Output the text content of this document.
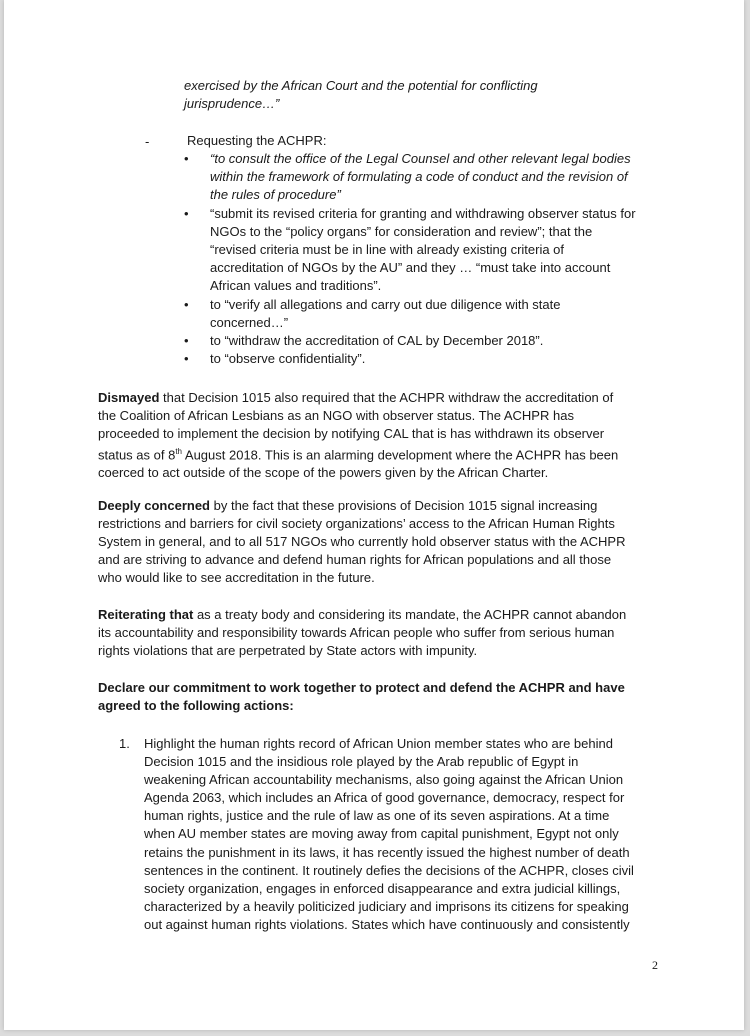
exercised by the African Court and the potential for conflicting
jurisprudence…”
-	Requesting the ACHPR:
• “to consult the office of the Legal Counsel and other relevant legal bodies
within the framework of formulating a code of conduct and the revision of
the rules of procedure”
• “submit its revised criteria for granting and withdrawing observer status for
NGOs to the “policy organs” for consideration and review”; that the
“revised criteria must be in line with already existing criteria of
accreditation of NGOs by the AU” and they … “must take into account
African values and traditions”.
• to “verify all allegations and carry out due diligence with state
concerned…”
• to “withdraw the accreditation of CAL by December 2018”.
• to “observe confidentiality”.
Dismayed that Decision 1015 also required that the ACHPR withdraw the accreditation of
the Coalition of African Lesbians as an NGO with observer status. The ACHPR has
proceeded to implement the decision by notifying CAL that is has withdrawn its observer
status as of 8th August 2018. This is an alarming development where the ACHPR has been
coerced to act outside of the scope of the powers given by the African Charter.
Deeply concerned by the fact that these provisions of Decision 1015 signal increasing
restrictions and barriers for civil society organizations’ access to the African Human Rights
System in general, and to all 517 NGOs who currently hold observer status with the ACHPR
and are striving to advance and defend human rights for African populations and all those
who would like to see accreditation in the future.
Reiterating that as a treaty body and considering its mandate, the ACHPR cannot abandon
its accountability and responsibility towards African people who suffer from serious human
rights violations that are perpetrated by State actors with impunity.
Declare our commitment to work together to protect and defend the ACHPR and have
agreed to the following actions:
1. Highlight the human rights record of African Union member states who are behind
Decision 1015 and the insidious role played by the Arab republic of Egypt in
weakening African accountability mechanisms, also going against the African Union
Agenda 2063, which includes an Africa of good governance, democracy, respect for
human rights, justice and the rule of law as one of its seven aspirations. At a time
when AU member states are moving away from capital punishment, Egypt not only
retains the punishment in its laws, it has recently issued the highest number of death
sentences in the continent. It routinely defies the decisions of the ACHPR, closes civil
society organization, engages in enforced disappearance and extra judicial killings,
characterized by a heavily politicized judiciary and imprisons its citizens for speaking
out against human rights violations. States which have continuously and consistently
2
